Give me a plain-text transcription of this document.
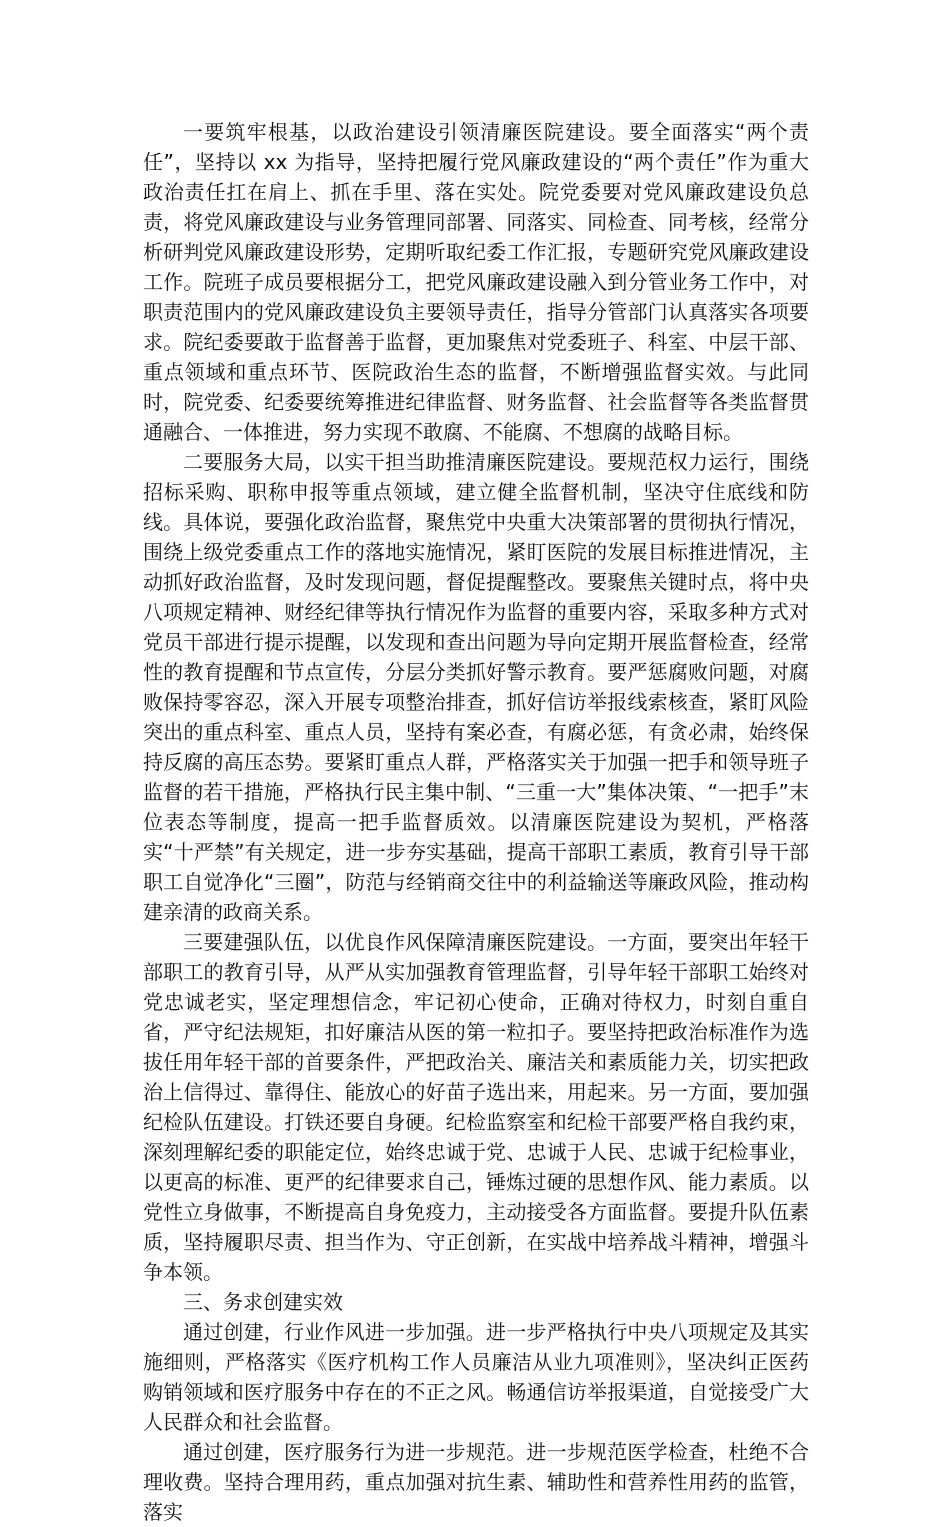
一要筑牢根基，以政治建设引领清廉医院建设。要全面落实“两个责任”，坚持以 xx 为指导，坚持把履行党风廉政建设的“两个责任”作为重大政治责任扛在肩上、抓在手里、落在实处。院党委要对党风廉政建设负总责，将党风廉政建设与业务管理同部署、同落实、同检查、同考核，经常分析研判党风廉政建设形势，定期听取纪委工作汇报，专题研究党风廉政建设工作。院班子成员要根据分工，把党风廉政建设融入到分管业务工作中，对职责范围内的党风廉政建设负主要领导责任，指导分管部门认真落实各项要求。院纪委要敢于监督善于监督，更加聚焦对党委班子、科室、中层干部、重点领域和重点环节、医院政治生态的监督，不断增强监督实效。与此同时，院党委、纪委要统筹推进纪律监督、财务监督、社会监督等各类监督贯通融合、一体推进，努力实现不敢腐、不能腐、不想腐的战略目标。

二要服务大局，以实干担当助推清廉医院建设。要规范权力运行，围绕招标采购、职称申报等重点领域，建立健全监督机制，坚决守住底线和防线。具体说，要强化政治监督，聚焦党中央重大决策部署的贯彻执行情况，围绕上级党委重点工作的落地实施情况，紧盯医院的发展目标推进情况，主动抓好政治监督，及时发现问题，督促提醒整改。要聚焦关键时点，将中央八项规定精神、财经纪律等执行情况作为监督的重要内容，采取多种方式对党员干部进行提示提醒，以发现和查出问题为导向定期开展监督检查，经常性的教育提醒和节点宣传，分层分类抓好警示教育。要严惩腐败问题，对腐败保持零容忍，深入开展专项整治排查，抓好信访举报线索核查，紧盯风险突出的重点科室、重点人员，坚持有案必查，有腐必惩，有贪必肃，始终保持反腐的高压态势。要紧盯重点人群，严格落实关于加强一把手和领导班子监督的若干措施，严格执行民主集中制、“三重一大”集体决策、“一把手”末位表态等制度，提高一把手监督质效。以清廉医院建设为契机，严格落实“十严禁”有关规定，进一步夯实基础，提高干部职工素质，教育引导干部职工自觉净化“三圈”，防范与经销商交往中的利益输送等廉政风险，推动构建亲清的政商关系。

三要建强队伍，以优良作风保障清廉医院建设。一方面，要突出年轻干部职工的教育引导，从严从实加强教育管理监督，引导年轻干部职工始终对党忠诚老实，坚定理想信念，牢记初心使命，正确对待权力，时刻自重自省，严守纪法规矩，扣好廉洁从医的第一粒扣子。要坚持把政治标准作为选拔任用年轻干部的首要条件，严把政治关、廉洁关和素质能力关，切实把政治上信得过、靠得住、能放心的好苗子选出来，用起来。另一方面，要加强纪检队伍建设。打铁还要自身硬。纪检监察室和纪检干部要严格自我约束，深刻理解纪委的职能定位，始终忠诚于党、忠诚于人民、忠诚于纪检事业，以更高的标准、更严的纪律要求自己，锤炼过硬的思想作风、能力素质。以党性立身做事，不断提高自身免疫力，主动接受各方面监督。要提升队伍素质，坚持履职尽责、担当作为、守正创新，在实战中培养战斗精神，增强斗争本领。

三、务求创建实效

通过创建，行业作风进一步加强。进一步严格执行中央八项规定及其实施细则，严格落实《医疗机构工作人员廉洁从业九项准则》，坚决纠正医药购销领域和医疗服务中存在的不正之风。畅通信访举报渠道，自觉接受广大人民群众和社会监督。

通过创建，医疗服务行为进一步规范。进一步规范医学检查，杜绝不合理收费。坚持合理用药，重点加强对抗生素、辅助性和营养性用药的监管，落实
